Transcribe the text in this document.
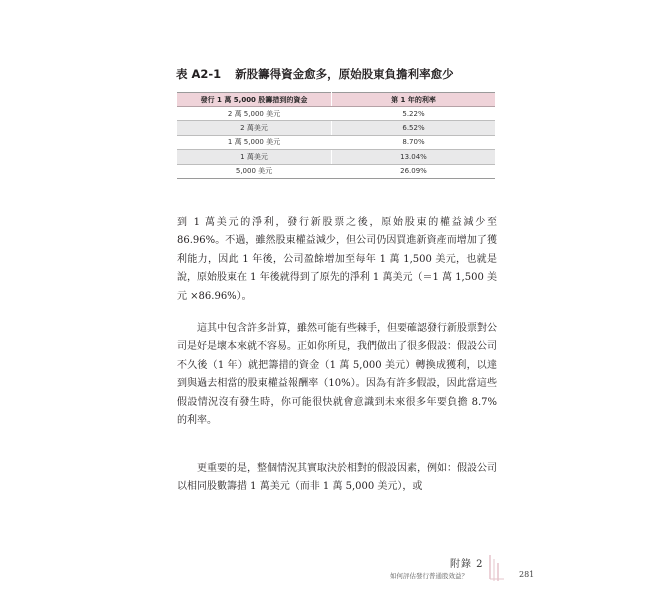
表 A2-1 新股籌得資金愈多，原始股東負擔利率愈少
發行 1 萬 5,000 股籌措到的資金	第 1 年的利率
2 萬 5,000 美元	5.22%
2 萬美元	6.52%
1 萬 5,000 美元	8.70%
1 萬美元	13.04%
5,000 美元	26.09%

到 1 萬美元的淨利，發行新股票之後，原始股東的權益減少至 86.96%。不過，雖然股東權益減少，但公司仍因買進新資產而增加了獲利能力，因此 1 年後，公司盈餘增加至每年 1 萬 1,500 美元，也就是說，原始股東在 1 年後就得到了原先的淨利 1 萬美元（＝1 萬 1,500 美元 ×86.96%）。

這其中包含許多計算，雖然可能有些棘手，但要確認發行新股票對公司是好是壞本來就不容易。正如你所見，我們做出了很多假設：假設公司不久後（1 年）就把籌措的資金（1 萬 5,000 美元）轉換成獲利，以達到與過去相當的股東權益報酬率（10%）。因為有許多假設，因此當這些假設情況沒有發生時，你可能很快就會意識到未來很多年要負擔 8.7% 的利率。

更重要的是，整個情況其實取決於相對的假設因素，例如：假設公司以相同股數籌措 1 萬美元（而非 1 萬 5,000 美元），或

附錄 2
如何評估發行普通股效益？	281
